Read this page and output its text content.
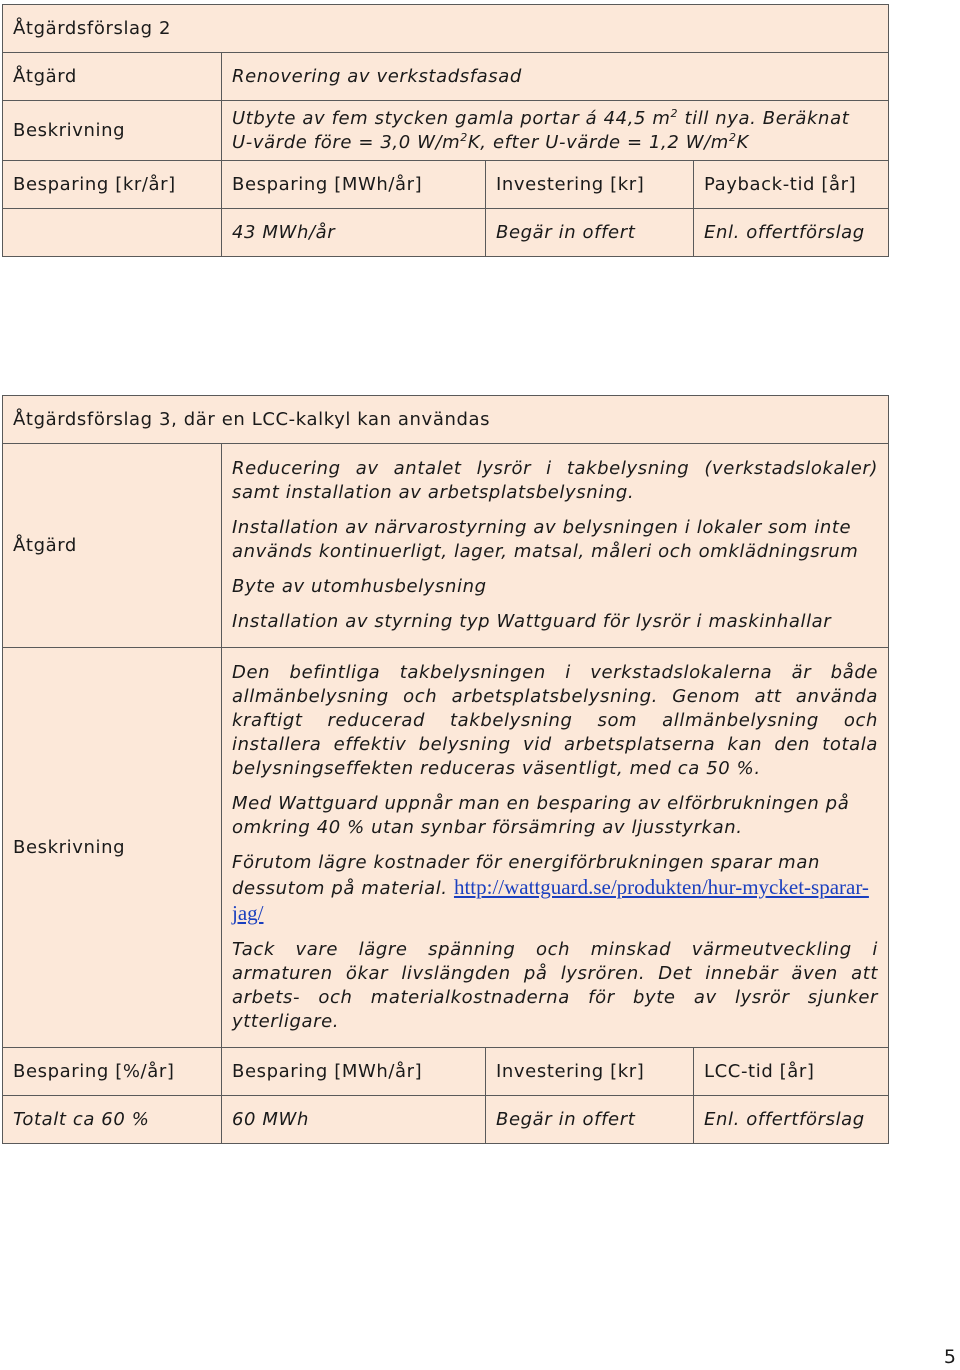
Åtgärdsförslag 2			
Åtgärd	Renovering av verkstadsfasad		
Beskrivning	Utbyte av fem stycken gamla portar á 44,5 $m^2$ till nya. Beräknat
U-värde före = 3,0 $W/m^2K$, efter U-värde = 1,2 $W/m^2K$		
Besparing [kr/år]	Besparing [MWh/år]	Investering [kr]	Payback-tid [år]
	43 MWh/år	Begär in offert	Enl. offertförslag
Åtgärdsförslag 3, där en LCC-kalkyl kan användas			
Åtgärd	Reducering av antalet lysrör i takbelysning (verkstadslokaler) samt installation av arbetsplatsbelysning.

Installation av närvarostyrning av belysningen i lokaler som inte används kontinuerligt, lager, matsal, måleri och omklädningsrum

Byte av utomhusbelysning

Installation av styrning typ Wattguard för lysrör i maskinhallar		

Beskrivning	Den befintliga takbelysningen i verkstadslokalerna är både allmänbelysning och arbetsplatsbelysning. Genom att använda kraftigt reducerad takbelysning som allmänbelysning och installera effektiv belysning vid arbetsplatserna kan den totala belysningseffekten reduceras väsentligt, med ca 50 %.

Med Wattguard uppnår man en besparing av elförbrukningen på omkring 40 % utan synbar försämring av ljusstyrkan.

Förutom lägre kostnader för energiförbrukningen sparar man dessutom på material. http://wattguard.se/produkten/hur-mycket-sparar-jag/

Tack vare lägre spänning och minskad värmeutveckling i armaturen ökar livslängden på lysrören. Det innebär även att arbets- och materialkostnaderna för byte av lysrör sjunker ytterligare.		

Besparing [%/år]	Besparing [MWh/år]	Investering [kr]	LCC-tid [år]
Totalt ca 60 %	60 MWh	Begär in offert	Enl. offertförslag
5
